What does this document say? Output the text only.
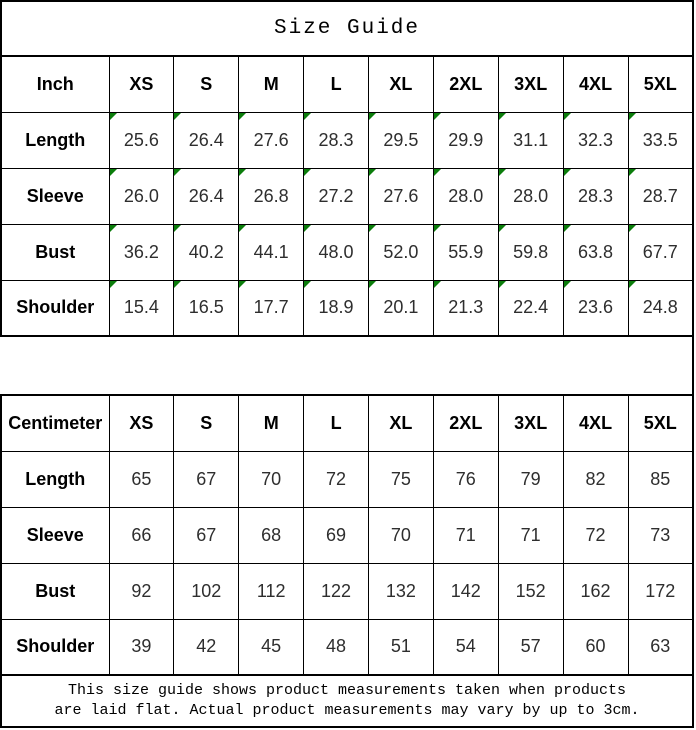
Size Guide
Inch	XS	S	M	L	XL	2XL	3XL	4XL	5XL
Length	25.6	26.4	27.6	28.3	29.5	29.9	31.1	32.3	33.5
Sleeve	26.0	26.4	26.8	27.2	27.6	28.0	28.0	28.3	28.7
Bust	36.2	40.2	44.1	48.0	52.0	55.9	59.8	63.8	67.7
Shoulder	15.4	16.5	17.7	18.9	20.1	21.3	22.4	23.6	24.8
Centimeter	XS	S	M	L	XL	2XL	3XL	4XL	5XL
Length	65	67	70	72	75	76	79	82	85
Sleeve	66	67	68	69	70	71	71	72	73
Bust	92	102	112	122	132	142	152	162	172
Shoulder	39	42	45	48	51	54	57	60	63
This size guide shows product measurements taken when products
are laid flat. Actual product measurements may vary by up to 3cm.
